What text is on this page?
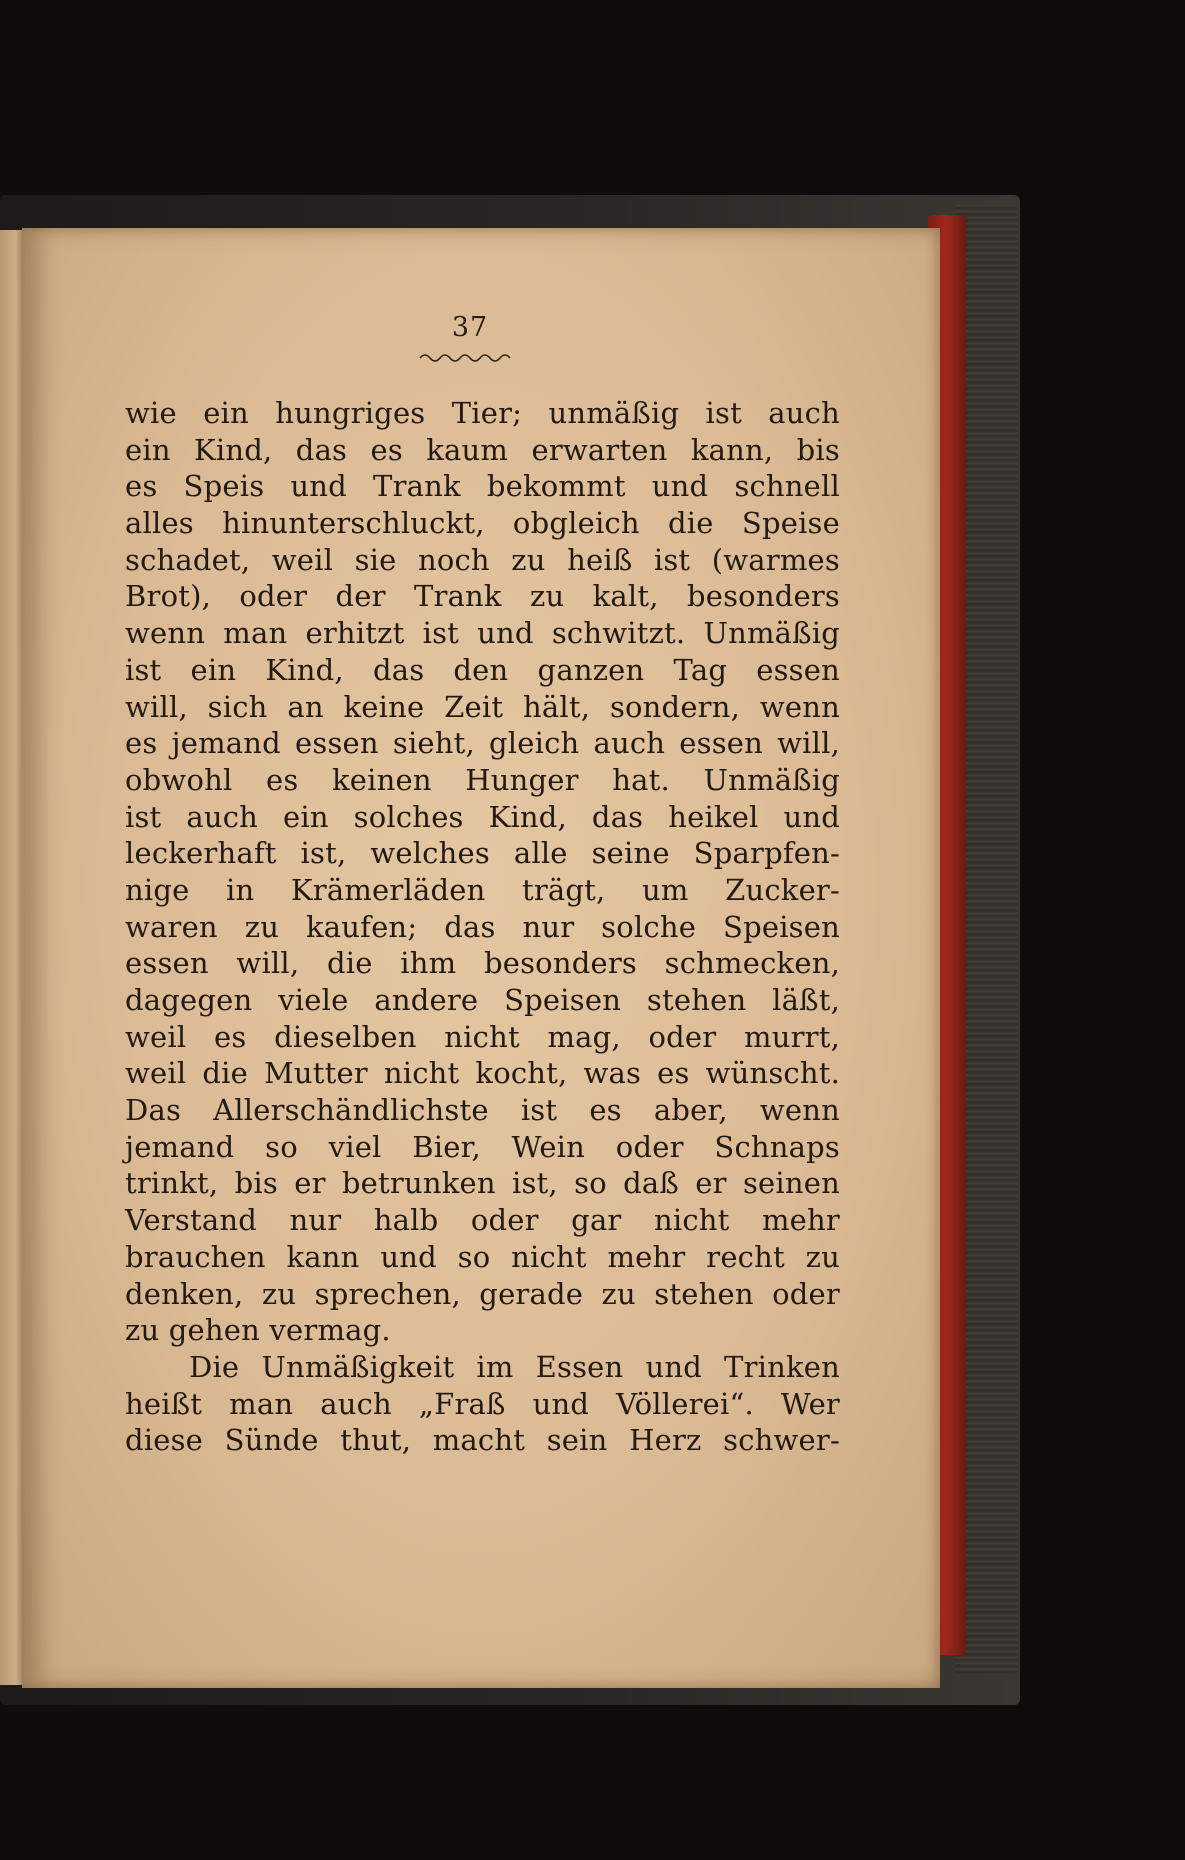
37
wie ein hungriges Tier; unmäßig ist auch
ein Kind, das es kaum erwarten kann, bis
es Speis und Trank bekommt und schnell
alles hinunterschluckt, obgleich die Speise
schadet, weil sie noch zu heiß ist (warmes
Brot), oder der Trank zu kalt, besonders
wenn man erhitzt ist und schwitzt. Unmäßig
ist ein Kind, das den ganzen Tag essen
will, sich an keine Zeit hält, sondern, wenn
es jemand essen sieht, gleich auch essen will,
obwohl es keinen Hunger hat. Unmäßig
ist auch ein solches Kind, das heikel und
leckerhaft ist, welches alle seine Sparpfen-
nige in Krämerläden trägt, um Zucker-
waren zu kaufen; das nur solche Speisen
essen will, die ihm besonders schmecken,
dagegen viele andere Speisen stehen läßt,
weil es dieselben nicht mag, oder murrt,
weil die Mutter nicht kocht, was es wünscht.
Das Allerschändlichste ist es aber, wenn
jemand so viel Bier, Wein oder Schnaps
trinkt, bis er betrunken ist, so daß er seinen
Verstand nur halb oder gar nicht mehr
brauchen kann und so nicht mehr recht zu
denken, zu sprechen, gerade zu stehen oder
zu gehen vermag.
Die Unmäßigkeit im Essen und Trinken
heißt man auch „Fraß und Völlerei“. Wer
diese Sünde thut, macht sein Herz schwer-
